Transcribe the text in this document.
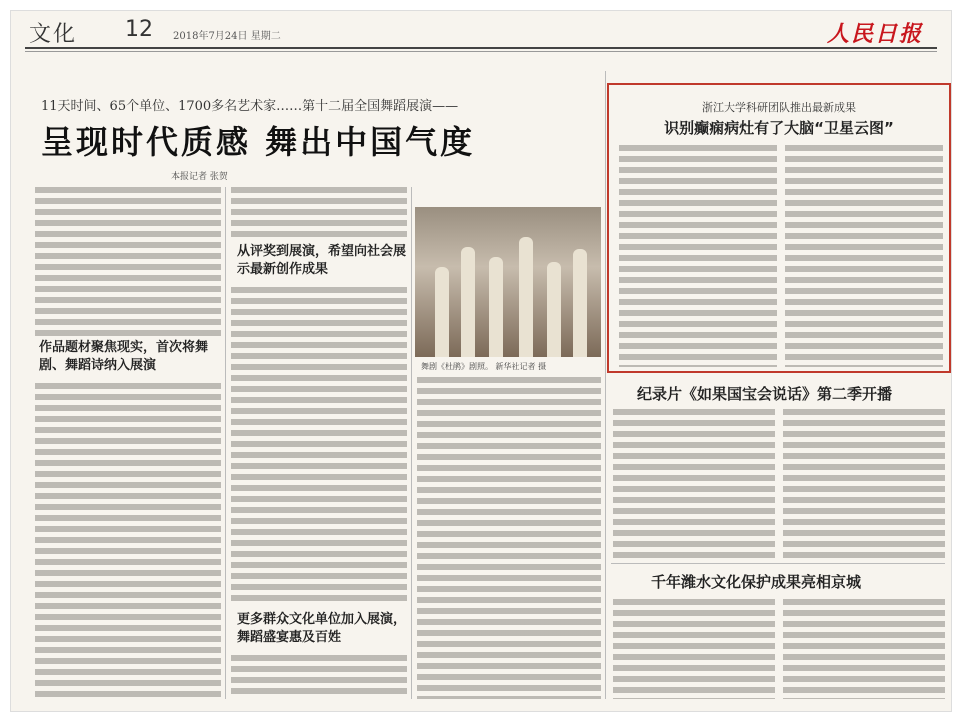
文化 12 2018年7月24日 星期二	人民日报
11天时间、65个单位、1700多名艺术家……第十二届全国舞蹈展演——
呈现时代质感 舞出中国气度
本报记者 张贺
作品题材聚焦现实，首次将舞剧、舞蹈诗纳入展演
从评奖到展演，希望向社会展示最新创作成果
更多群众文化单位加入展演，舞蹈盛宴惠及百姓
舞剧《杜鹃》剧照。 新华社记者 摄
浙江大学科研团队推出最新成果
识别癫痫病灶有了大脑“卫星云图”
纪录片《如果国宝会说话》第二季开播
千年潍水文化保护成果亮相京城
